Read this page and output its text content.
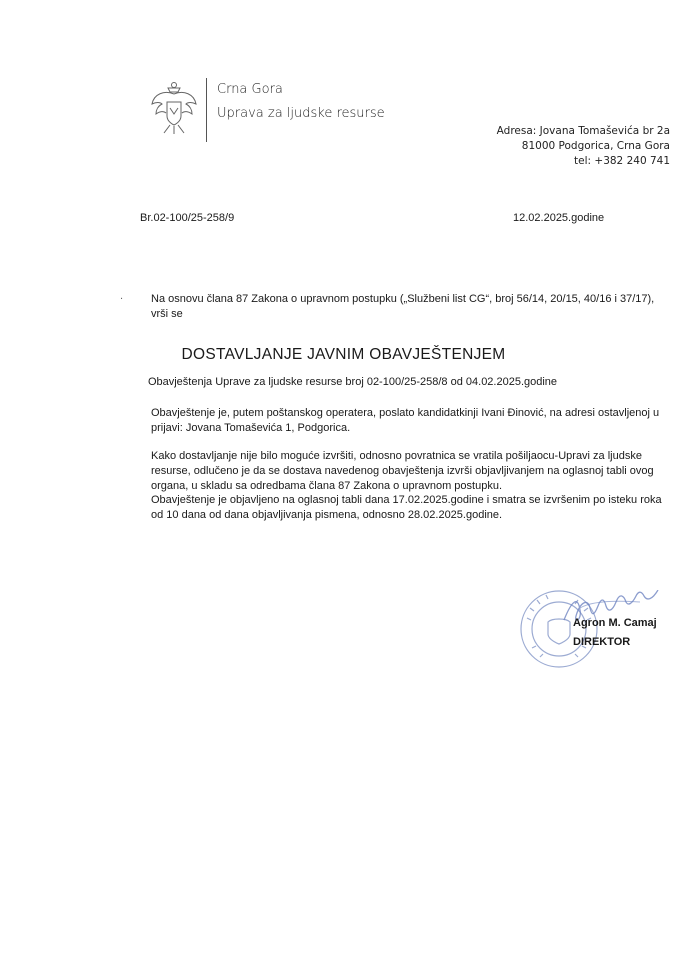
Crna Gora
Uprava za ljudske resurse
Adresa: Jovana Tomaševića br 2a
81000 Podgorica, Crna Gora
tel: +382 240 741
Br.02-100/25-258/9	12.02.2025.godine
.	Na osnovu člana 87 Zakona o upravnom postupku („Službeni list CG“, broj 56/14, 20/15, 40/16 i 37/17), vrši se
DOSTAVLJANJE JAVNIM OBAVJEŠTENJEM
Obavještenja Uprave za ljudske resurse broj 02-100/25-258/8 od 04.02.2025.godine
Obavještenje je, putem poštanskog operatera, poslato kandidatkinji Ivani Đinović, na adresi ostavljenoj u prijavi: Jovana Tomaševića 1, Podgorica.
Kako dostavljanje nije bilo moguće izvršiti, odnosno povratnica se vratila pošiljaocu-Upravi za ljudske resurse, odlučeno je da se dostava navedenog obavještenja izvrši objavljivanjem na oglasnoj tabli ovog organa, u skladu sa odredbama člana 87 Zakona o upravnom postupku.
Obavještenje je objavljeno na oglasnoj tabli dana 17.02.2025.godine i smatra se izvršenim po isteku roka od 10 dana od dana objavljivanja pismena, odnosno 28.02.2025.godine.
Agron M. Camaj
DIREKTOR
